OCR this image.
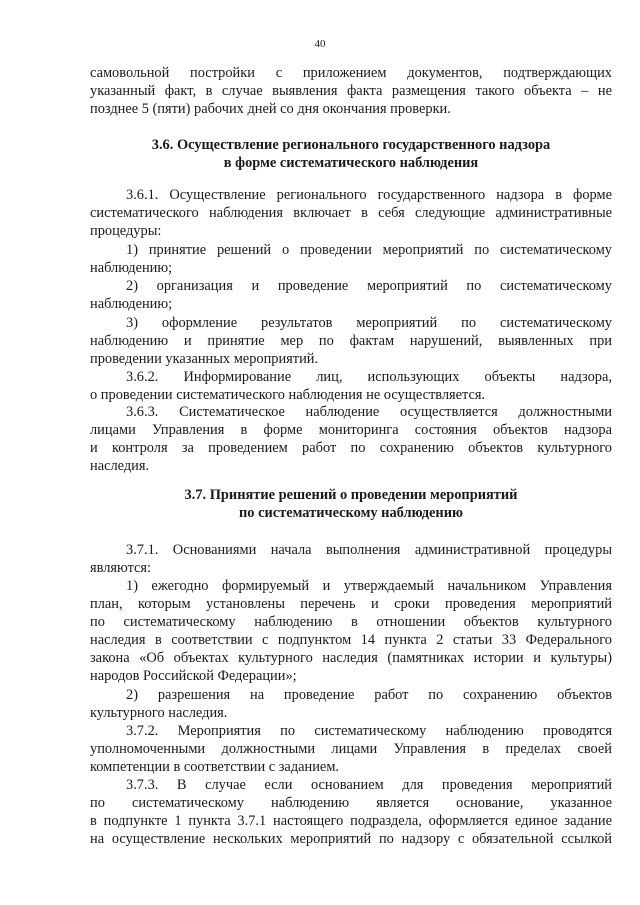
40
самовольной постройки с приложением документов, подтверждающих
указанный факт, в случае выявления факта размещения такого объекта – не
позднее 5 (пяти) рабочих дней со дня окончания проверки.
3.6. Осуществление регионального государственного надзора
в форме систематического наблюдения
3.6.1. Осуществление регионального государственного надзора в форме
систематического наблюдения включает в себя следующие административные
процедуры:
1) принятие решений о проведении мероприятий по систематическому
наблюдению;
2) организация и проведение мероприятий по систематическому
наблюдению;
3) оформление результатов мероприятий по систематическому
наблюдению и принятие мер по фактам нарушений, выявленных при
проведении указанных мероприятий.
3.6.2. Информирование лиц, использующих объекты надзора,
о проведении систематического наблюдения не осуществляется.
3.6.3. Систематическое наблюдение осуществляется должностными
лицами Управления в форме мониторинга состояния объектов надзора
и контроля за проведением работ по сохранению объектов культурного
наследия.
3.7. Принятие решений о проведении мероприятий
по систематическому наблюдению
3.7.1. Основаниями начала выполнения административной процедуры
являются:
1) ежегодно формируемый и утверждаемый начальником Управления
план, которым установлены перечень и сроки проведения мероприятий
по систематическому наблюдению в отношении объектов культурного
наследия в соответствии с подпунктом 14 пункта 2 статьи 33 Федерального
закона «Об объектах культурного наследия (памятниках истории и культуры)
народов Российской Федерации»;
2) разрешения на проведение работ по сохранению объектов
культурного наследия.
3.7.2. Мероприятия по систематическому наблюдению проводятся
уполномоченными должностными лицами Управления в пределах своей
компетенции в соответствии с заданием.
3.7.3. В случае если основанием для проведения мероприятий
по систематическому наблюдению является основание, указанное
в подпункте 1 пункта 3.7.1 настоящего подраздела, оформляется единое задание
на осуществление нескольких мероприятий по надзору с обязательной ссылкой
